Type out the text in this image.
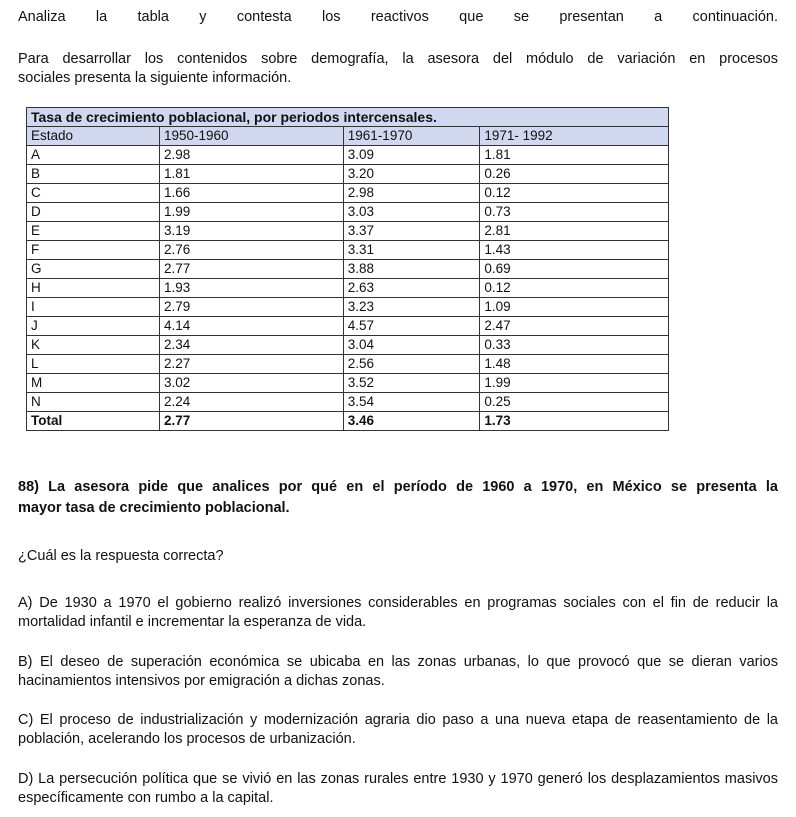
Analiza la tabla y contesta los reactivos que se presentan a continuación.
Para desarrollar los contenidos sobre demografía, la asesora del módulo de variación en procesos
sociales presenta la siguiente información.
Tasa de crecimiento poblacional, por periodos intercensales.			
Estado	1950-1960	1961-1970	1971- 1992
A	2.98	3.09	1.81
B	1.81	3.20	0.26
C	1.66	2.98	0.12
D	1.99	3.03	0.73
E	3.19	3.37	2.81
F	2.76	3.31	1.43
G	2.77	3.88	0.69
H	1.93	2.63	0.12
I	2.79	3.23	1.09
J	4.14	4.57	2.47
K	2.34	3.04	0.33
L	2.27	2.56	1.48
M	3.02	3.52	1.99
N	2.24	3.54	0.25
Total	2.77	3.46	1.73
88) La asesora pide que analices por qué en el período de 1960 a 1970, en México se presenta la
mayor tasa de crecimiento poblacional.
¿Cuál es la respuesta correcta?
A) De 1930 a 1970 el gobierno realizó inversiones considerables en programas sociales con el fin de reducir la mortalidad infantil e incrementar la esperanza de vida.
B) El deseo de superación económica se ubicaba en las zonas urbanas, lo que provocó que se dieran varios hacinamientos intensivos por emigración a dichas zonas.
C) El proceso de industrialización y modernización agraria dio paso a una nueva etapa de reasentamiento de la población, acelerando los procesos de urbanización.
D) La persecución política que se vivió en las zonas rurales entre 1930 y 1970 generó los desplazamientos masivos específicamente con rumbo a la capital.
